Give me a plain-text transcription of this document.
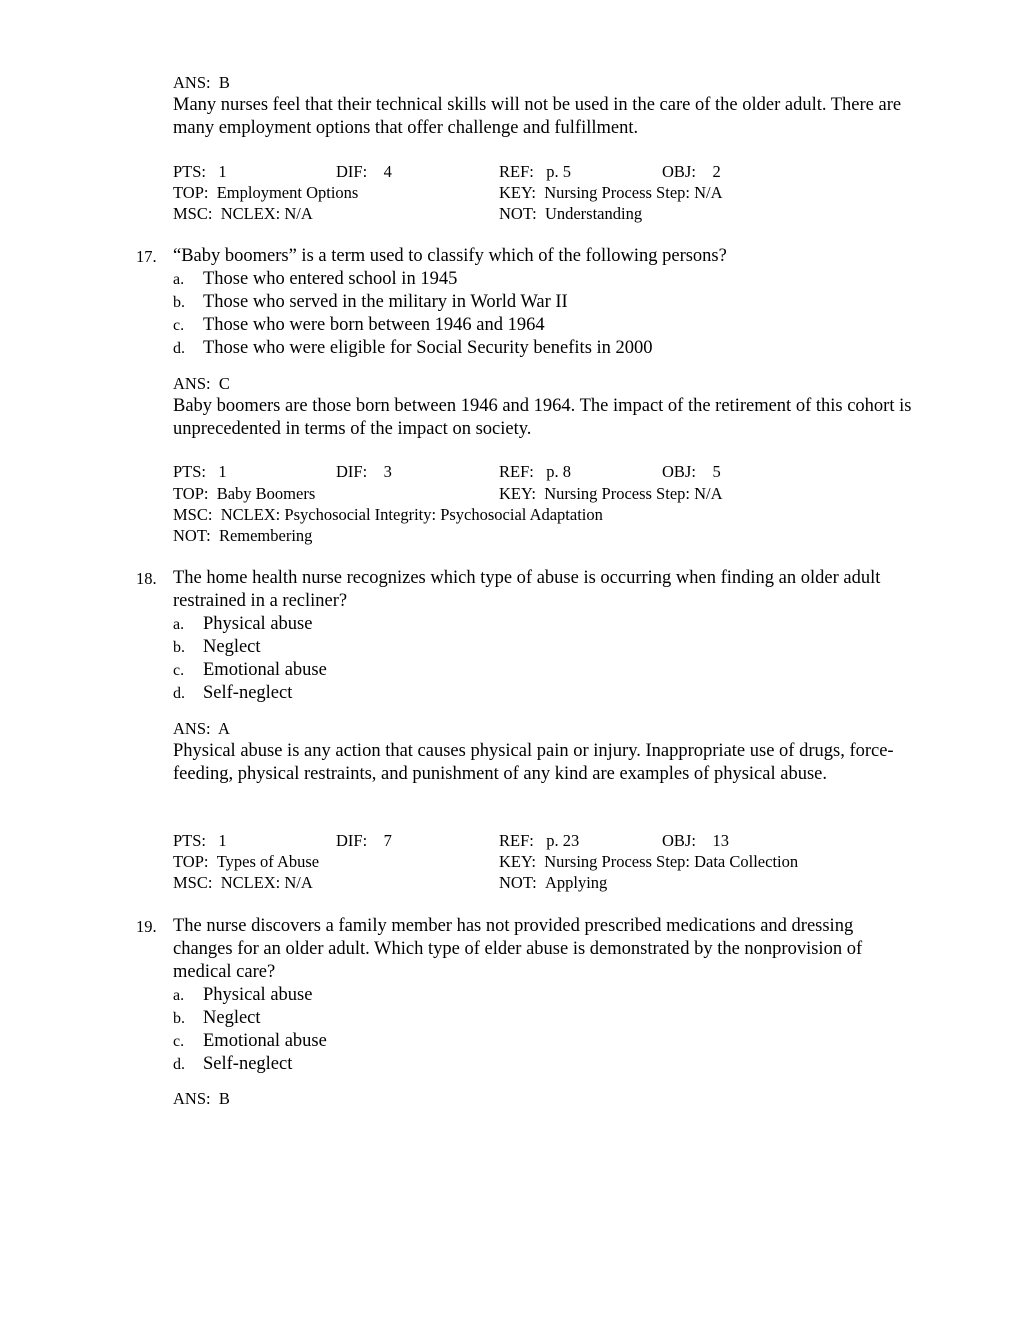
ANS: B
Many nurses feel that their technical skills will not be used in the care of the older adult. There are many employment options that offer challenge and fulfillment.
PTS: 1	DIF: 4	REF: p. 5	OBJ: 2
TOP: Employment Options	KEY: Nursing Process Step: N/A
MSC: NCLEX: N/A	NOT: Understanding
17. “Baby boomers” is a term used to classify which of the following persons?
a. Those who entered school in 1945
b. Those who served in the military in World War II
c. Those who were born between 1946 and 1964
d. Those who were eligible for Social Security benefits in 2000
ANS: C
Baby boomers are those born between 1946 and 1964. The impact of the retirement of this cohort is unprecedented in terms of the impact on society.
PTS: 1	DIF: 3	REF: p. 8	OBJ: 5
TOP: Baby Boomers	KEY: Nursing Process Step: N/A
MSC: NCLEX: Psychosocial Integrity: Psychosocial Adaptation
NOT: Remembering
18. The home health nurse recognizes which type of abuse is occurring when finding an older adult restrained in a recliner?
a. Physical abuse
b. Neglect
c. Emotional abuse
d. Self-neglect
ANS: A
Physical abuse is any action that causes physical pain or injury. Inappropriate use of drugs, force-feeding, physical restraints, and punishment of any kind are examples of physical abuse.
PTS: 1	DIF: 7	REF: p. 23	OBJ: 13
TOP: Types of Abuse	KEY: Nursing Process Step: Data Collection
MSC: NCLEX: N/A	NOT: Applying
19. The nurse discovers a family member has not provided prescribed medications and dressing changes for an older adult. Which type of elder abuse is demonstrated by the nonprovision of medical care?
a. Physical abuse
b. Neglect
c. Emotional abuse
d. Self-neglect
ANS: B
